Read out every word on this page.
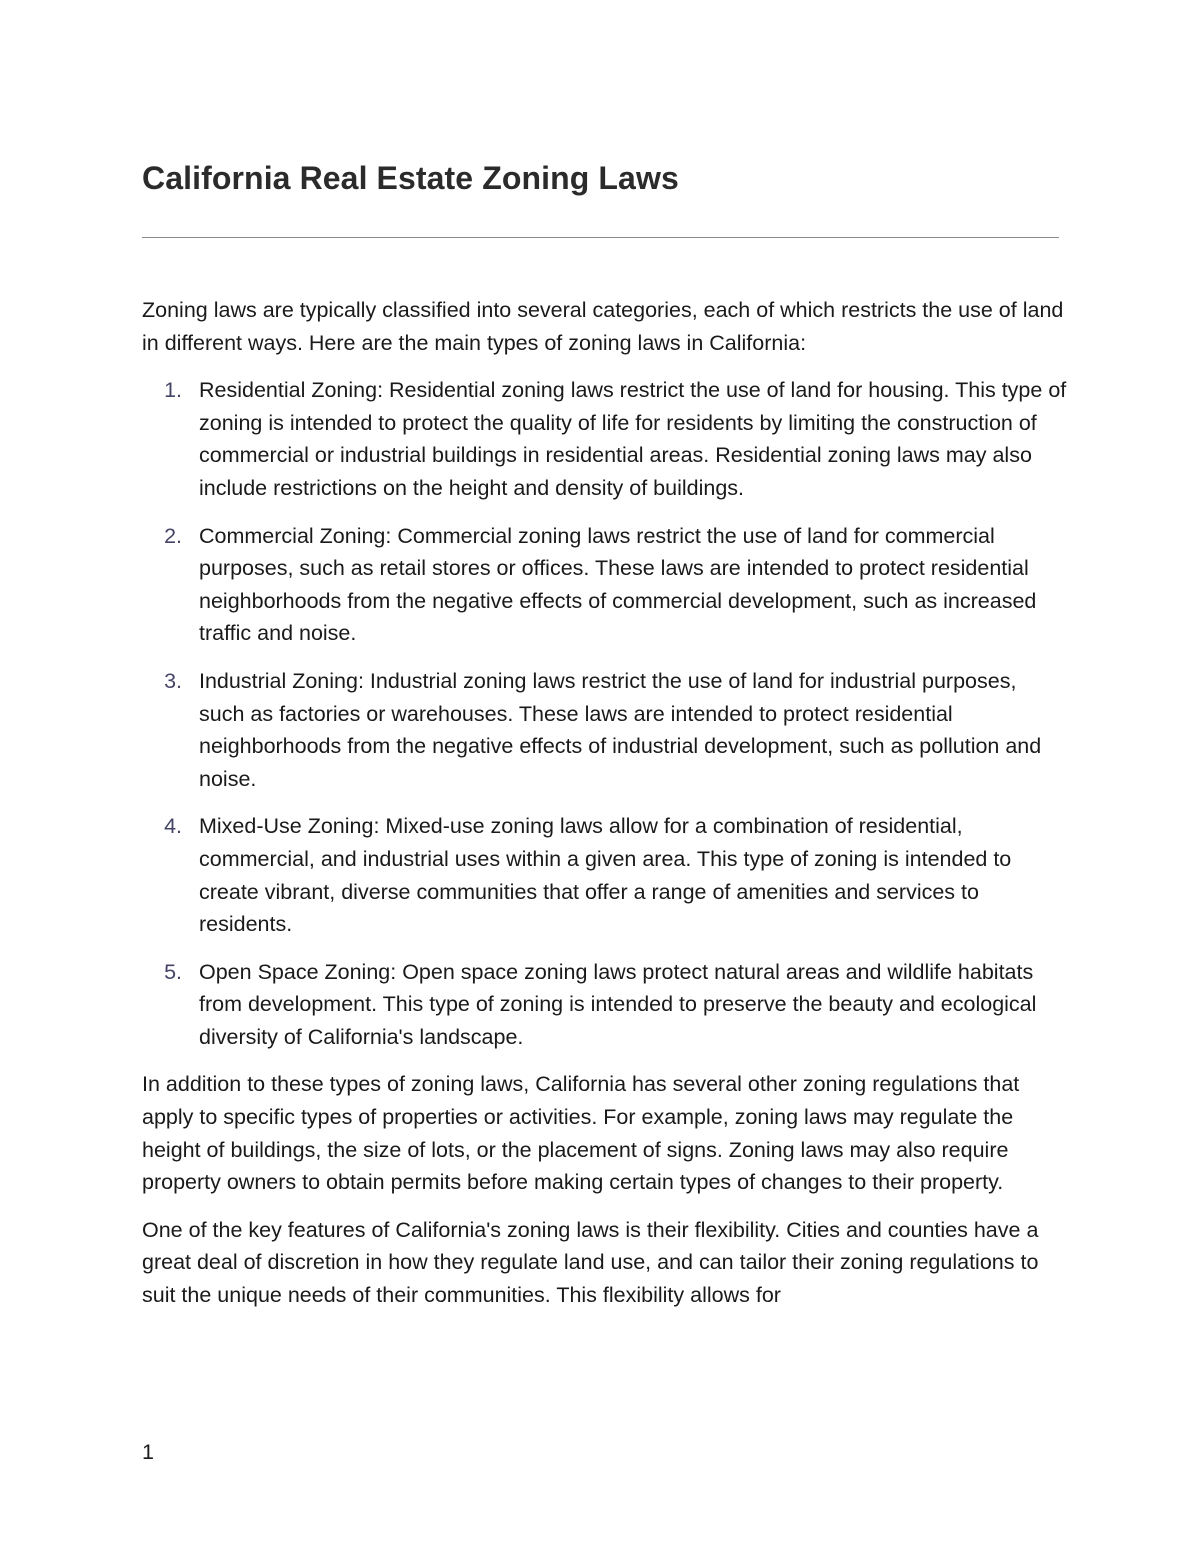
California Real Estate Zoning Laws

Zoning laws are typically classified into several categories, each of which restricts the use of land in different ways. Here are the main types of zoning laws in California:

1. Residential Zoning: Residential zoning laws restrict the use of land for housing. This type of zoning is intended to protect the quality of life for residents by limiting the construction of commercial or industrial buildings in residential areas. Residential zoning laws may also include restrictions on the height and density of buildings.
2. Commercial Zoning: Commercial zoning laws restrict the use of land for commercial purposes, such as retail stores or offices. These laws are intended to protect residential neighborhoods from the negative effects of commercial development, such as increased traffic and noise.
3. Industrial Zoning: Industrial zoning laws restrict the use of land for industrial purposes, such as factories or warehouses. These laws are intended to protect residential neighborhoods from the negative effects of industrial development, such as pollution and noise.
4. Mixed-Use Zoning: Mixed-use zoning laws allow for a combination of residential, commercial, and industrial uses within a given area. This type of zoning is intended to create vibrant, diverse communities that offer a range of amenities and services to residents.
5. Open Space Zoning: Open space zoning laws protect natural areas and wildlife habitats from development. This type of zoning is intended to preserve the beauty and ecological diversity of California's landscape.

In addition to these types of zoning laws, California has several other zoning regulations that apply to specific types of properties or activities. For example, zoning laws may regulate the height of buildings, the size of lots, or the placement of signs. Zoning laws may also require property owners to obtain permits before making certain types of changes to their property.

One of the key features of California's zoning laws is their flexibility. Cities and counties have a great deal of discretion in how they regulate land use, and can tailor their zoning regulations to suit the unique needs of their communities. This flexibility allows for

1
